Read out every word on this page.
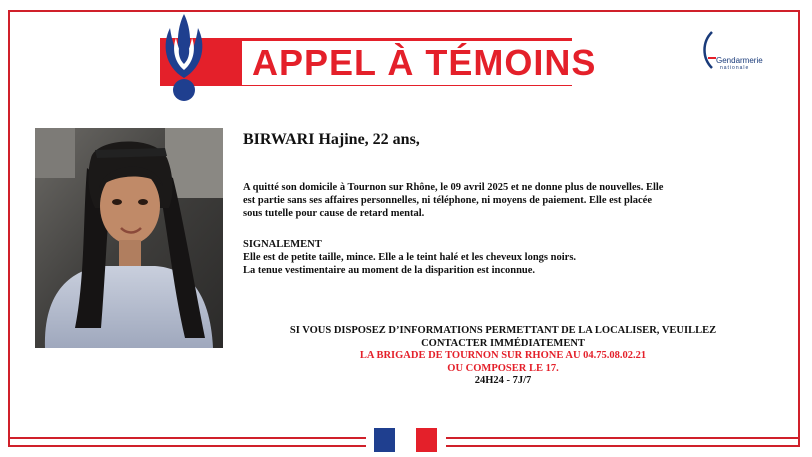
APPEL À TÉMOINS	Gendarmerie
nationale
BIRWARI Hajine, 22 ans,
A quitté son domicile à Tournon sur Rhône, le 09 avril 2025 et ne donne plus de nouvelles. Elle
est partie sans ses affaires personnelles, ni téléphone, ni moyens de paiement. Elle est placée
sous tutelle pour cause de retard mental.
SIGNALEMENT
Elle est de petite taille, mince. Elle a le teint halé et les cheveux longs noirs.
La tenue vestimentaire au moment de la disparition est inconnue.
SI VOUS DISPOSEZ D’INFORMATIONS PERMETTANT DE LA LOCALISER, VEUILLEZ
CONTACTER IMMÉDIATEMENT
LA BRIGADE DE TOURNON SUR RHONE AU 04.75.08.02.21
OU COMPOSER LE 17.
24H24 - 7J/7
